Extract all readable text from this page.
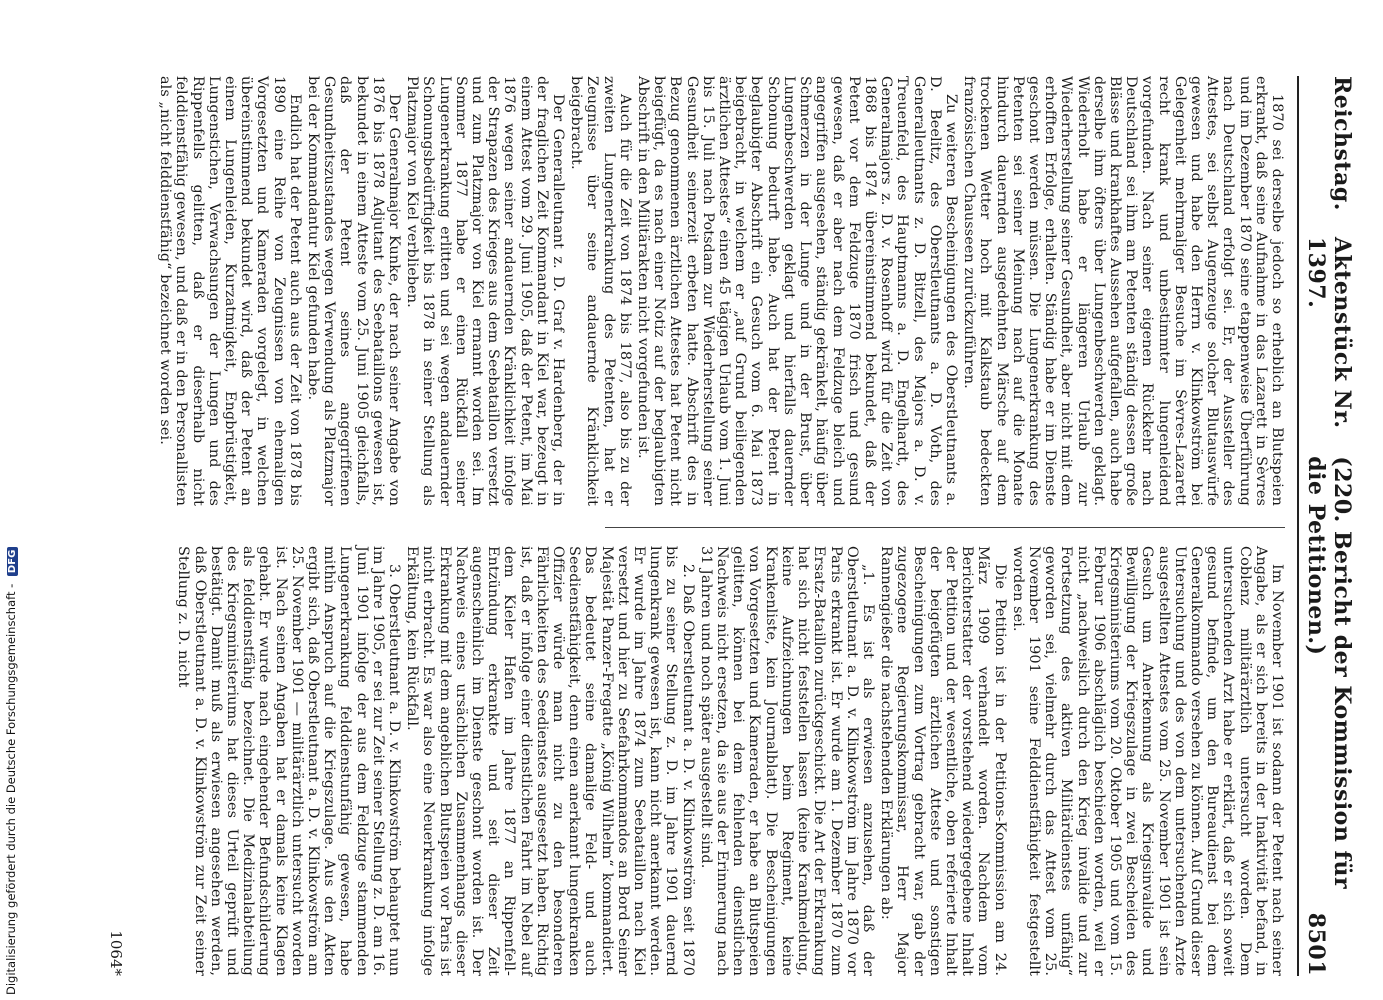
Reichstag.
Aktenstück Nr. 1397.
(220. Bericht der Kommission für die Petitionen.)
8501

1870 sei derselbe jedoch so erheblich an Blutspeien erkrankt, daß seine Aufnahme in das Lazarett in Sèvres und im Dezember 1870 seine etappenweise Überführung nach Deutschland erfolgt sei. Er, der Aussteller des Attestes, sei selbst Augenzeuge solcher Blutauswürfe gewesen und habe den Herrn v. Klinkowström bei Gelegenheit mehrmaliger Besuche im Sèvres-Lazarett recht krank und unbestimmter lungenleidend vorgefunden. Nach seiner eigenen Rückkehr nach Deutschland sei ihm am Petenten ständig dessen große Blässe und krankhaftes Aussehen aufgefallen, auch habe derselbe ihm öfters über Lungenbeschwerden geklagt. Wiederholt habe er längeren Urlaub zur Wiederherstellung seiner Gesundheit, aber nicht mit dem erhofften Erfolge, erhalten. Ständig habe er im Dienste geschont werden müssen. Die Lungenerkrankung des Petenten sei seiner Meinung nach auf die Monate hindurch dauernden ausgedehnten Märsche auf dem trockenen Wetter hoch mit Kalkstaub bedeckten französischen Chausseen zurückzuführen.

Zu weiteren Bescheinigungen des Oberstleutnants a. D. Beelitz, des Oberstleutnants a. D. Voth, des Generalleutnants z. D. Bitzell, des Majors a. D. v. Treuenfeld, des Hauptmanns a. D. Engelhardt, des Generalmajors z. D. v. Rosenhoff wird für die Zeit von 1868 bis 1874 übereinstimmend bekundet, daß der Petent vor dem Feldzuge 1870 frisch und gesund gewesen, daß er aber nach dem Feldzuge bleich und angegriffen ausgesehen, ständig gekränkelt, häufig über Schmerzen in der Lunge und in der Brust, über Lungenbeschwerden geklagt und hierfalls dauernder Schonung bedurft habe. Auch hat der Petent in beglaubigter Abschrift ein Gesuch vom 6. Mai 1873 beigebracht, in welchem er „auf Grund beiliegenden ärztlichen Attestes“ einen 45 tägigen Urlaub vom 1. Juni bis 15. Juli nach Potsdam zur Wiederherstellung seiner Gesundheit seinerzeit erbeten hatte. Abschrift des in Bezug genommenen ärztlichen Attestes hat Petent nicht beigefügt, da es nach einer Notiz auf der beglaubigten Abschrift in den Militärakten nicht vorgefunden ist.

Auch für die Zeit von 1874 bis 1877, also bis zu der zweiten Lungenerkrankung des Petenten, hat er Zeugnisse über seine andauernde Kränklichkeit beigebracht.

Der Generalleutnant z. D. Graf v. Hardenberg, der in der fraglichen Zeit Kommandant in Kiel war, bezeugt in einem Attest vom 29. Juni 1905, daß der Petent, im Mai 1876 wegen seiner andauernden Kränklichkeit infolge der Strapazen des Krieges aus dem Seebataillon versetzt und zum Platzmajor von Kiel ernannt worden sei. Im Sommer 1877 habe er einen Rückfall seiner Lungenerkrankung erlitten und sei wegen andauernder Schonungsbedürftigkeit bis 1878 in seiner Stellung als Platzmajor von Kiel verblieben.

Der Generalmajor Kunke, der nach seiner Angabe von 1876 bis 1878 Adjutant des Seebataillons gewesen ist, bekundet in einem Atteste vom 25. Juni 1905 gleichfalls, daß der Petent seines angegriffenen Gesundheitszustandes wegen Verwendung als Platzmajor bei der Kommandantur Kiel gefunden habe.

Endlich hat der Petent auch aus der Zeit von 1878 bis 1890 eine Reihe von Zeugnissen von ehemaligen Vorgesetzten und Kameraden vorgelegt, in welchen übereinstimmend bekundet wird, daß der Petent an einem Lungenleiden, Kurzatmigkeit, Engbrüstigkeit, Lungenstichen, Verwachsungen der Lungen und des Rippenfells gelitten, daß er dieserhalb nicht felddienstfähig gewesen, und daß er in den Personallisten als „nicht felddienstfähig“ bezeichnet worden sei.

Im November 1901 ist sodann der Petent nach seiner Angabe, als er sich bereits in der Inaktivität befand, in Coblenz militärärztlich untersucht worden. Dem untersuchenden Arzt habe er erklärt, daß er sich soweit gesund befinde, um den Bureaudienst bei dem Generalkommando versehen zu können. Auf Grund dieser Untersuchung und des von dem untersuchenden Arzte ausgestellten Attestes vom 25. November 1901 ist sein Gesuch um Anerkennung als Kriegsinvalide und Bewilligung der Kriegszulage in zwei Bescheiden des Kriegsministeriums vom 20. Oktober 1905 und vom 15. Februar 1906 abschläglich beschieden worden, weil er nicht „nachweislich durch den Krieg invalide und zur Fortsetzung des aktiven Militärdienstes unfähig“ geworden sei, vielmehr durch das Attest vom 25. November 1901 seine Felddienstfähigkeit festgestellt worden sei.

Die Petition ist in der Petitions-Kommission am 24. März 1909 verhandelt worden. Nachdem vom Berichterstatter der vorstehend wiedergegebene Inhalt der Petition und der wesentliche, oben referierte Inhalt der beigefügten ärztlichen Atteste und sonstigen Bescheinigungen zum Vortrag gebracht war, gab der zugezogene Regierungskommissar, Herr Major Rannengießer die nachstehenden Erklärungen ab:

„1. Es ist als erwiesen anzusehen, daß der Oberstleutnant a. D. v. Klinkowström im Jahre 1870 vor Paris erkrankt ist. Er wurde am 1. Dezember 1870 zum Ersatz-Bataillon zurückgeschickt. Die Art der Erkrankung hat sich nicht feststellen lassen (keine Krankmeldung, keine Aufzeichnungen beim Regiment, keine Krankenliste, kein Journalblatt). Die Bescheinigungen von Vorgesetzten und Kameraden, er habe an Blutspeien gelitten, können bei dem fehlenden dienstlichen Nachweis nicht ersetzen, da sie aus der Erinnerung nach 31 Jahren und noch später ausgestellt sind.

2. Daß Oberstleutnant a. D. v. Klinkowström seit 1870 bis zu seiner Stellung z. D. im Jahre 1901 dauernd lungenkrank gewesen ist, kann nicht anerkannt werden. Er wurde im Jahre 1874 zum Seebataillon nach Kiel versetzt und hier zu Seefahrkommandos an Bord Seiner Majestät Panzer-Fregatte „König Wilhelm“ kommandiert. Das bedeutet seine damalige Feld- und auch Seedienstfähigkeit, denn einen anerkannt lungenkranken Offizier würde man nicht zu den besonderen Fährlichkeiten des Seedienstes ausgesetzt haben. Richtig ist, daß er infolge einer dienstlichen Fahrt im Nebel auf dem Kieler Hafen im Jahre 1877 an Rippenfell-Entzündung erkrankte und seit dieser Zeit augenscheinlich im Dienste geschont worden ist. Der Nachweis eines ursächlichen Zusammenhangs dieser Erkrankung mit dem angeblichen Blutspeien vor Paris ist nicht erbracht. Es war also eine Neuerkrankung infolge Erkältung, kein Rückfall.

3. Oberstleutnant a. D. v. Klinkowström behauptet nun im Jahre 1905, er sei zur Zeit seiner Stellung z. D. am 16. Juni 1901 infolge der aus dem Feldzuge stammenden Lungenerkrankung felddienstunfähig gewesen, habe mithin Anspruch auf die Kriegszulage. Aus den Akten ergibt sich, daß Oberstleutnant a. D. v. Klinkowström am 25. November 1901 — militärärztlich untersucht worden ist. Nach seinen Angaben hat er damals keine Klagen gehabt. Er wurde nach eingehender Befundschilderung als felddienstfähig bezeichnet. Die Medizinalabteilung des Kriegsministeriums hat dieses Urteil geprüft und bestätigt. Damit muß als erwiesen angesehen werden, daß Oberstleutnant a. D. v. Klinkowström zur Zeit seiner Stellung z. D. nicht

1064*
Digitalisierung gefördert durch die Deutsche Forschungsgemeinschaft - DFG
